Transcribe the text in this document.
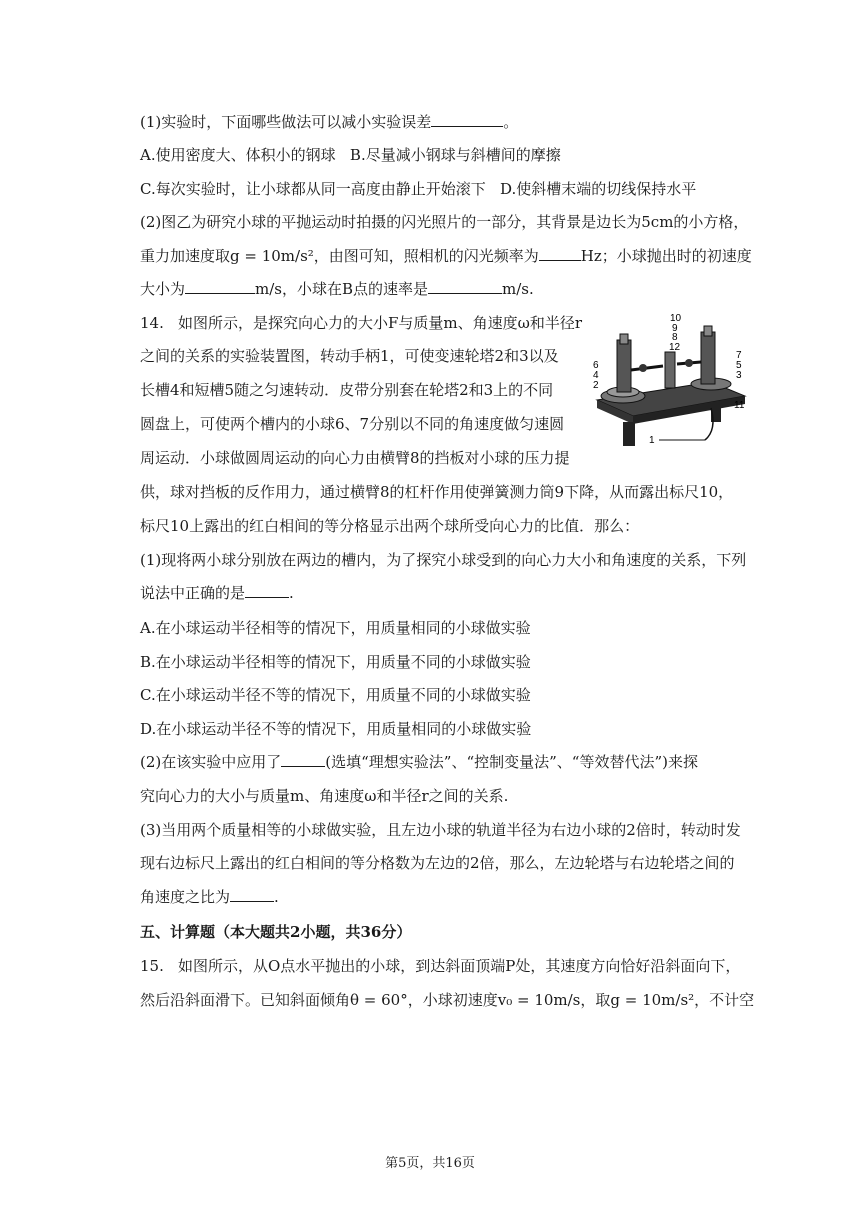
(1)实验时，下面哪些做法可以减小实验误差	。
A.使用密度大、体积小的钢球 B.尽量减小钢球与斜槽间的摩擦
C.每次实验时，让小球都从同一高度由静止开始滚下 D.使斜槽末端的切线保持水平
(2)图乙为研究小球的平抛运动时拍摄的闪光照片的一部分，其背景是边长为5cm的小方格，
重力加速度取g = 10m/s²，由图可知，照相机的闪光频率为	Hz；小球抛出时的初速度
大小为	m/s，小球在B点的速率是	m/s.
14. 如图所示，是探究向心力的大小F与质量m、角速度ω和半径r
之间的关系的实验装置图，转动手柄1，可使变速轮塔2和3以及
长槽4和短槽5随之匀速转动．皮带分别套在轮塔2和3上的不同
圆盘上，可使两个槽内的小球6、7分别以不同的角速度做匀速圆
周运动．小球做圆周运动的向心力由横臂8的挡板对小球的压力提
供，球对挡板的反作用力，通过横臂8的杠杆作用使弹簧测力筒9下降，从而露出标尺10，
标尺10上露出的红白相间的等分格显示出两个球所受向心力的比值．那么：
10
9
8
12
6
4
2
7
5
3
11
1
(1)现将两小球分别放在两边的槽内，为了探究小球受到的向心力大小和角速度的关系，下列
说法中正确的是	.
A.在小球运动半径相等的情况下，用质量相同的小球做实验
B.在小球运动半径相等的情况下，用质量不同的小球做实验
C.在小球运动半径不等的情况下，用质量不同的小球做实验
D.在小球运动半径不等的情况下，用质量相同的小球做实验
(2)在该实验中应用了	(选填“理想实验法”、“控制变量法”、“等效替代法”)来探
究向心力的大小与质量m、角速度ω和半径r之间的关系.
(3)当用两个质量相等的小球做实验，且左边小球的轨道半径为右边小球的2倍时，转动时发
现右边标尺上露出的红白相间的等分格数为左边的2倍，那么，左边轮塔与右边轮塔之间的
角速度之比为	.
五、计算题（本大题共2小题，共36分）
15. 如图所示，从O点水平抛出的小球，到达斜面顶端P处，其速度方向恰好沿斜面向下，
然后沿斜面滑下。已知斜面倾角θ = 60°，小球初速度v₀ = 10m/s，取g = 10m/s²，不计空
第5页，共16页
